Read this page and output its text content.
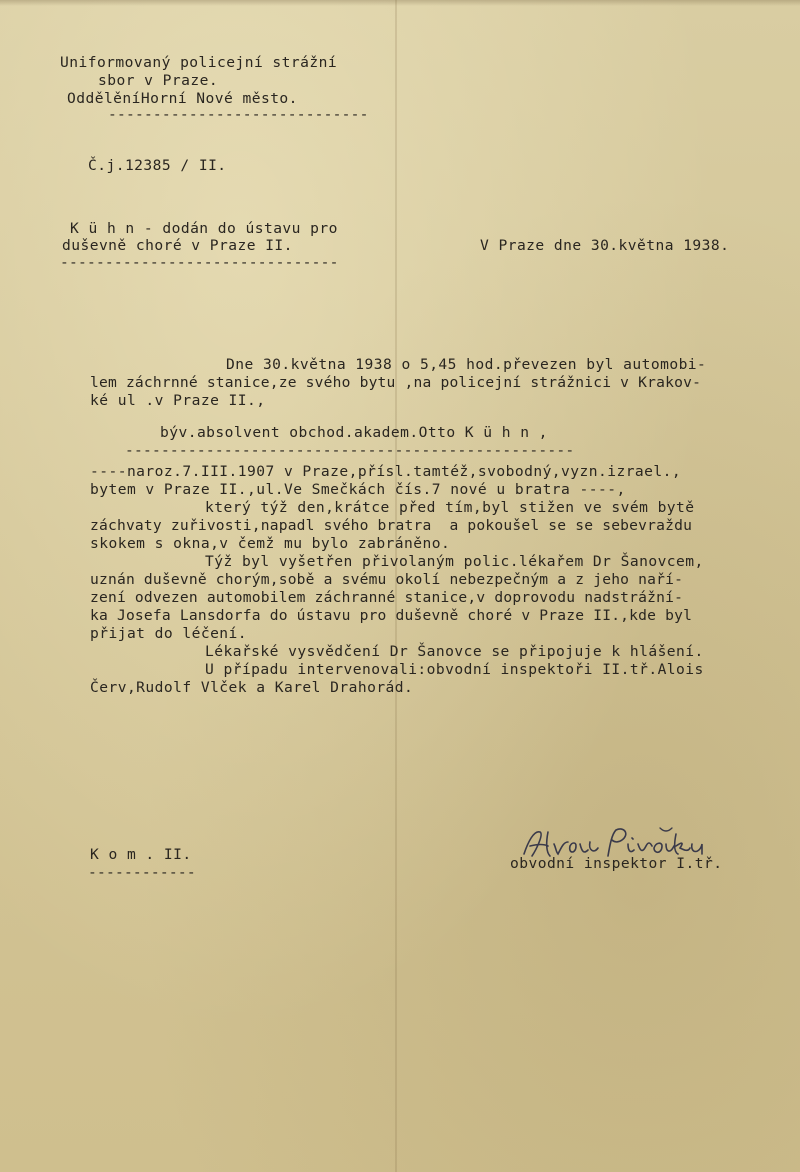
Uniformovaný policejní strážní
sbor v Praze.
OddělěníHorní Nové město.
-----------------------------
Č.j.12385 / II.
K ü h n - dodán do ústavu pro
duševně choré v Praze II.
-------------------------------
V Praze dne 30.května 1938.
Dne 30.května 1938 o 5,45 hod.převezen byl automobi-
lem záchrnné stanice,ze svého bytu ,na policejní strážnici v Krakov-
ké ul .v Praze II.,
býv.absolvent obchod.akadem.Otto K ü h n ,
--------------------------------------------------
----naroz.7.III.1907 v Praze,přísl.tamtéž,svobodný,vyzn.izrael.,
bytem v Praze II.,ul.Ve Smečkách čís.7 nové u bratra ----,
který týž den,krátce před tím,byl stižen ve svém bytě
záchvaty zuřivosti,napadl svého bratra  a pokoušel se se sebevraždu
skokem s okna,v čemž mu bylo zabráněno.
Týž byl vyšetřen přivolaným polic.lékařem Dr Šanovcem,
uznán duševně chorým,sobě a svému okolí nebezpečným a z jeho naří-
zení odvezen automobilem záchranné stanice,v doprovodu nadstrážní-
ka Josefa Lansdorfa do ústavu pro duševně choré v Praze II.,kde byl
přijat do léčení.
Lékařské vysvědčení Dr Šanovce se připojuje k hlášení.
U případu intervenovali:obvodní inspektoři II.tř.Alois
Červ,Rudolf Vlček a Karel Drahorád.
K o m . II.
------------
obvodní inspektor I.tř.
